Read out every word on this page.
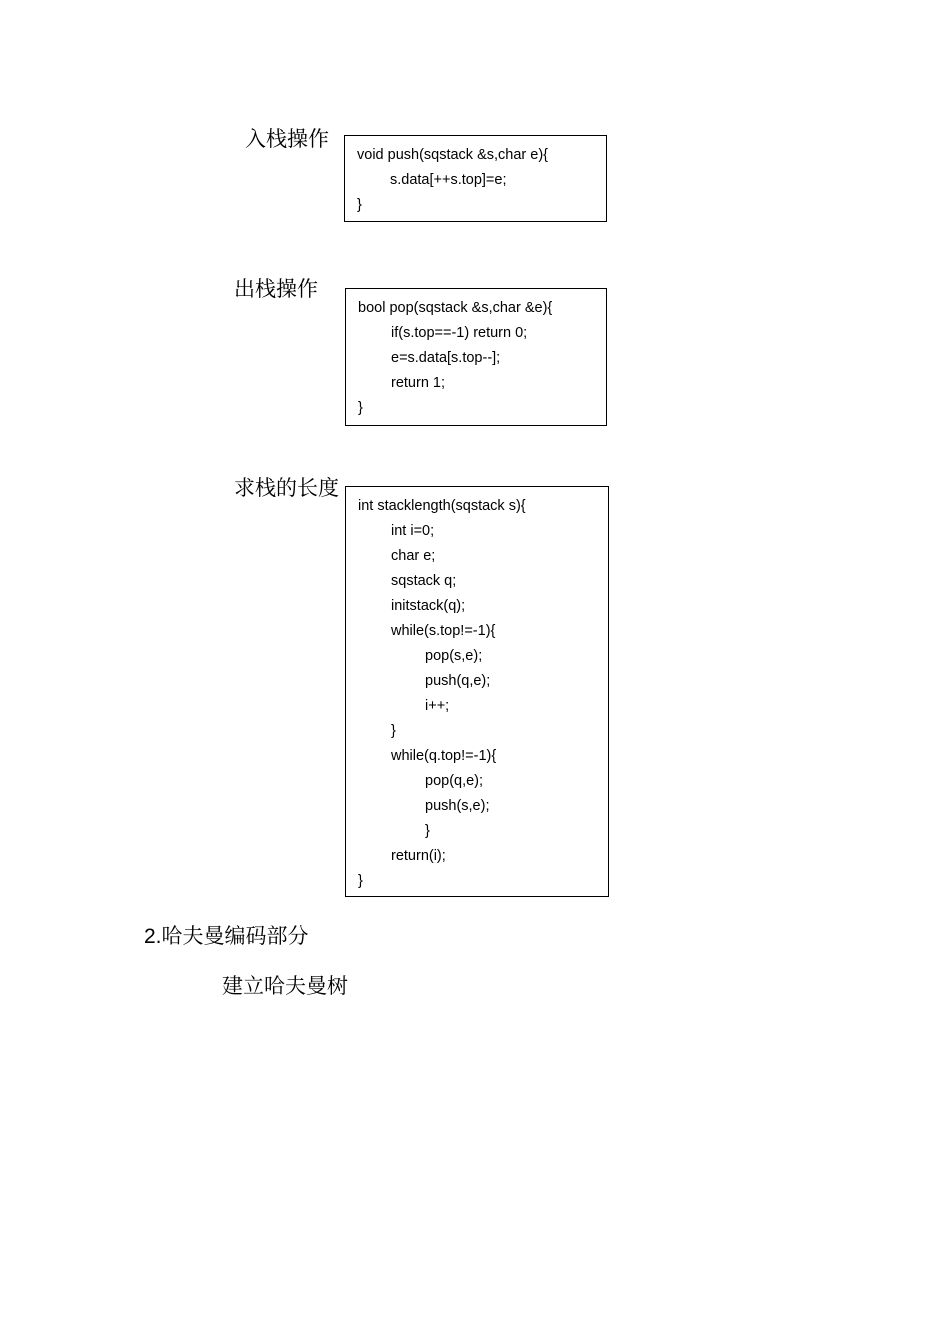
入栈操作
void push(sqstack &s,char e){
s.data[++s.top]=e;
}
出栈操作
bool pop(sqstack &s,char &e){
if(s.top==-1) return 0;
e=s.data[s.top--];
return 1;
}
求栈的长度
int stacklength(sqstack s){
int i=0;
char e;
sqstack q;
initstack(q);
while(s.top!=-1){
pop(s,e);
push(q,e);
i++;
}
while(q.top!=-1){
pop(q,e);
push(s,e);
}
return(i);
}
2.哈夫曼编码部分
建立哈夫曼树
